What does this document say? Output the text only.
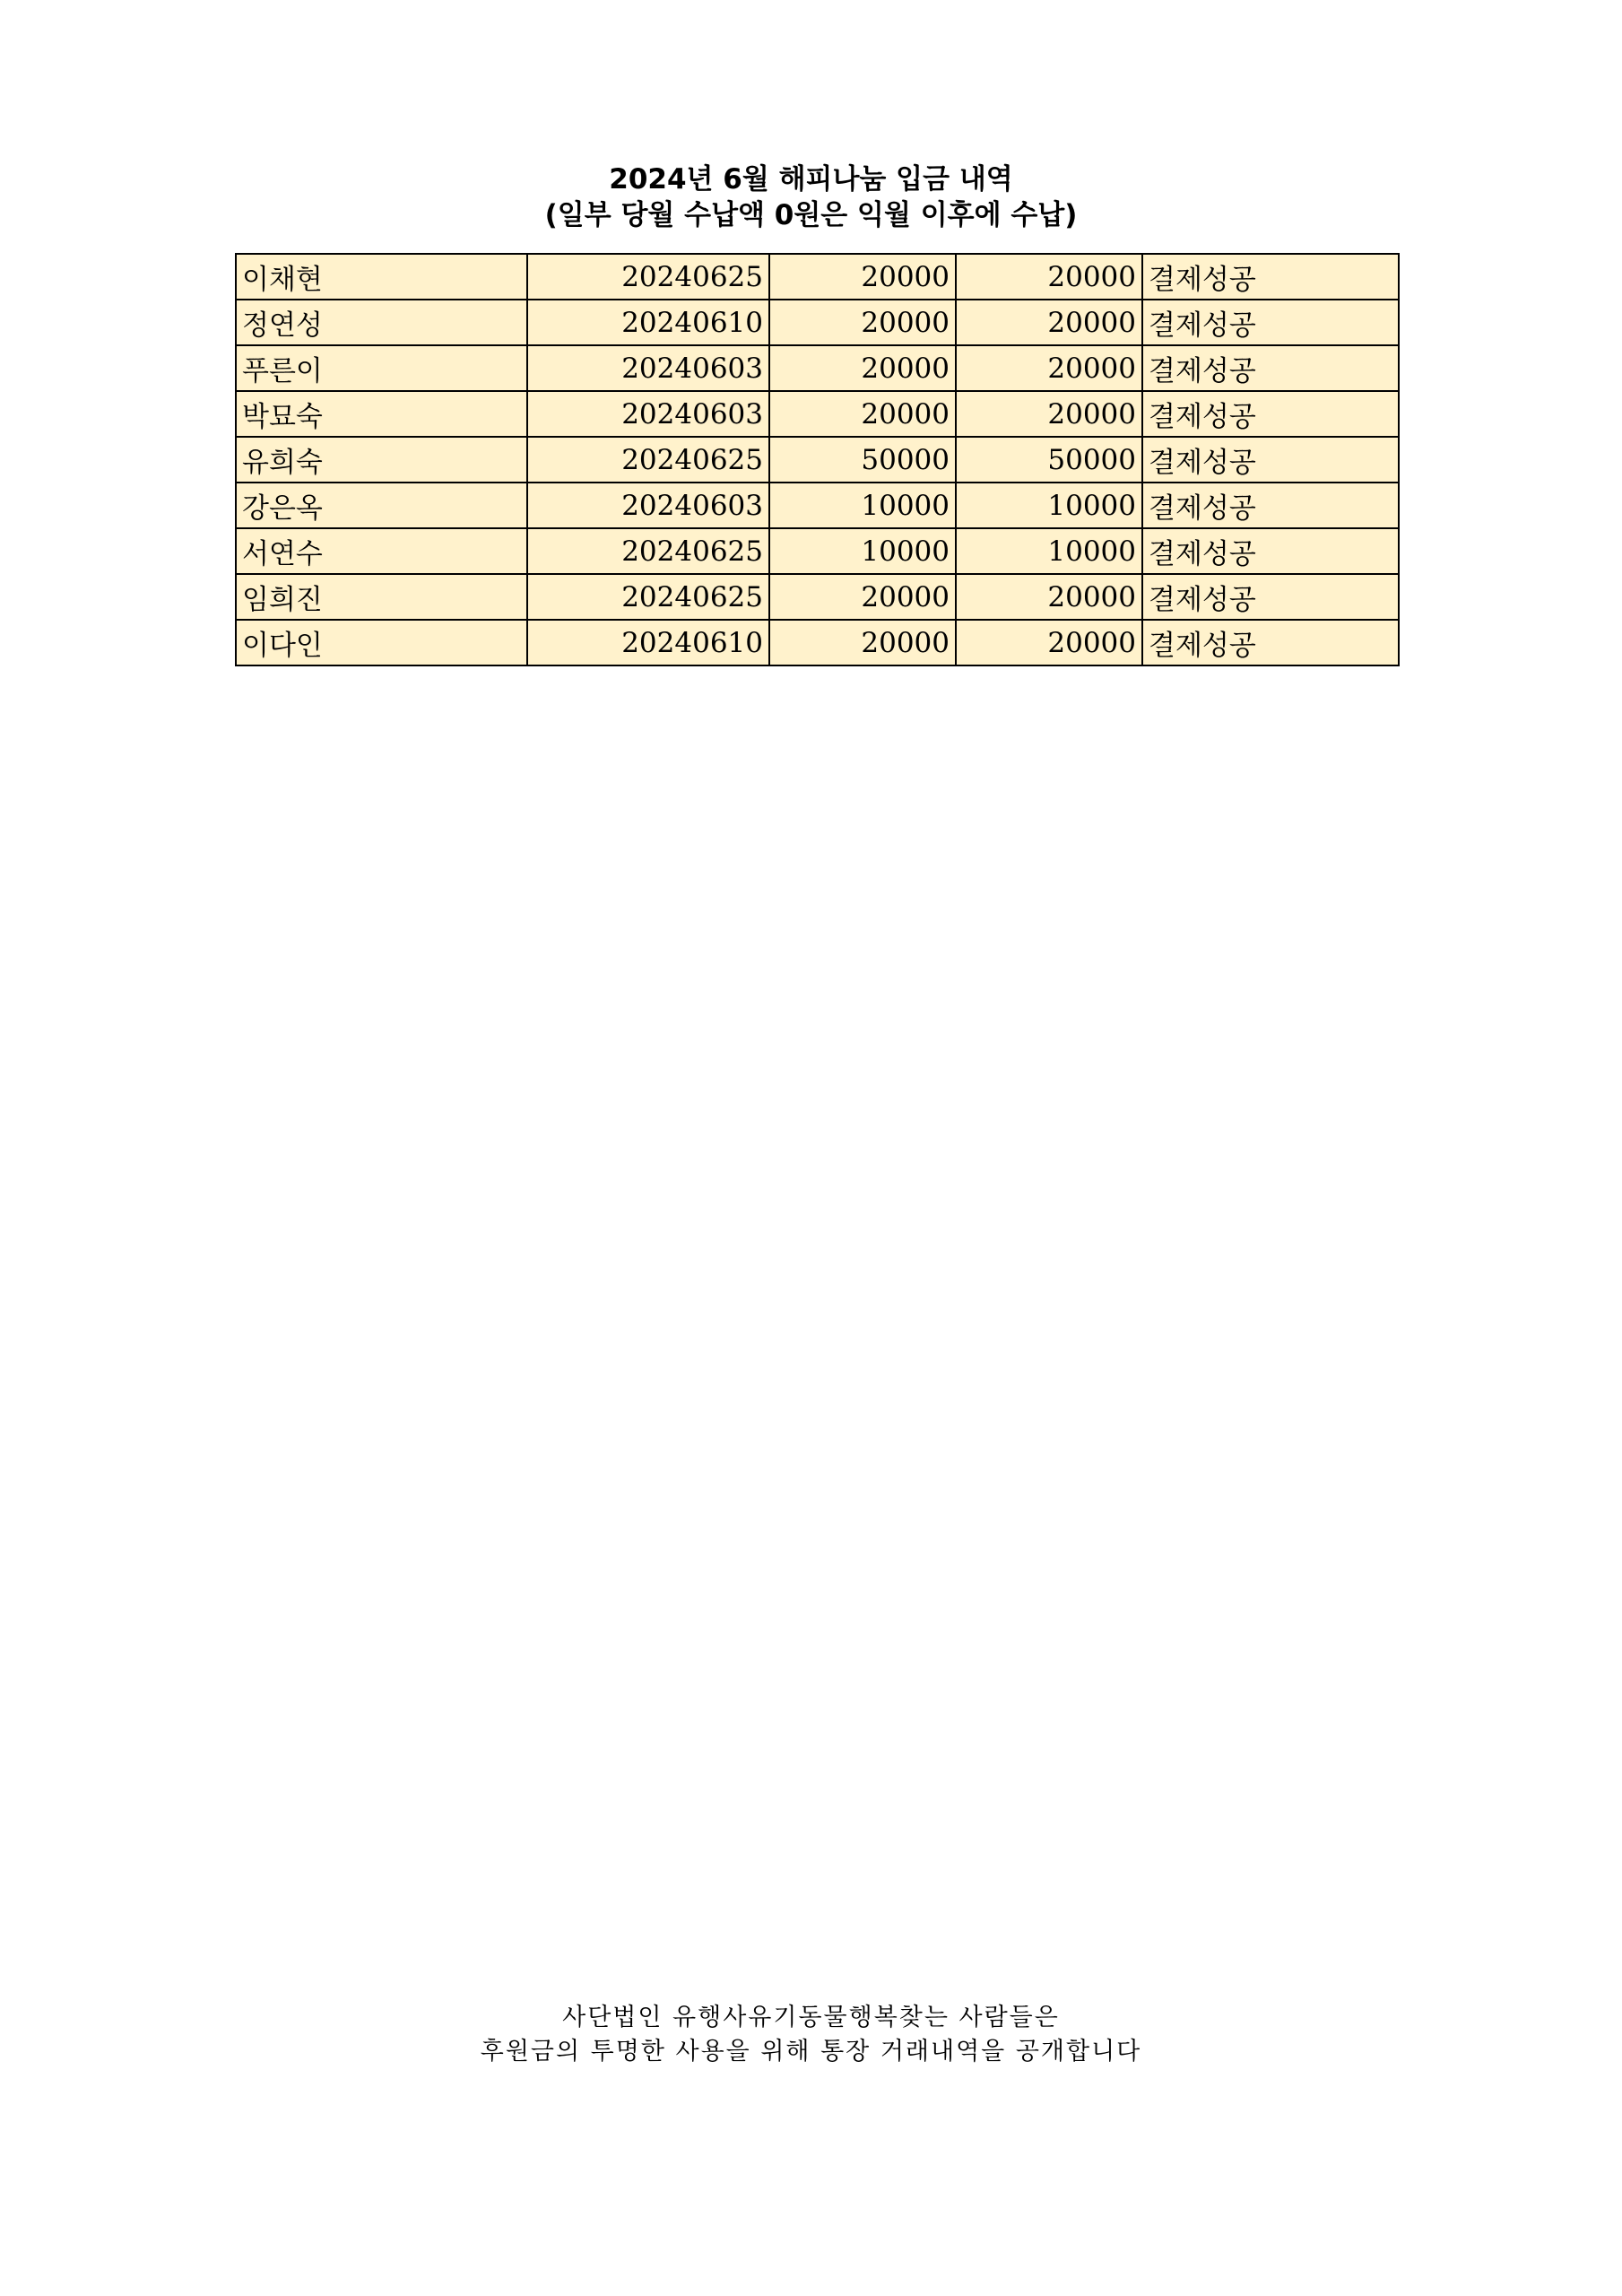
2024년 6월 해피나눔 입금 내역
(일부 당월 수납액 0원은 익월 이후에 수납)
이채현	20240625	20000	20000	결제성공
정연성	20240610	20000	20000	결제성공
푸른이	20240603	20000	20000	결제성공
박묘숙	20240603	20000	20000	결제성공
유희숙	20240625	50000	50000	결제성공
강은옥	20240603	10000	10000	결제성공
서연수	20240625	10000	10000	결제성공
임희진	20240625	20000	20000	결제성공
이다인	20240610	20000	20000	결제성공
사단법인 유행사유기동물행복찾는 사람들은
후원금의 투명한 사용을 위해 통장 거래내역을 공개합니다
